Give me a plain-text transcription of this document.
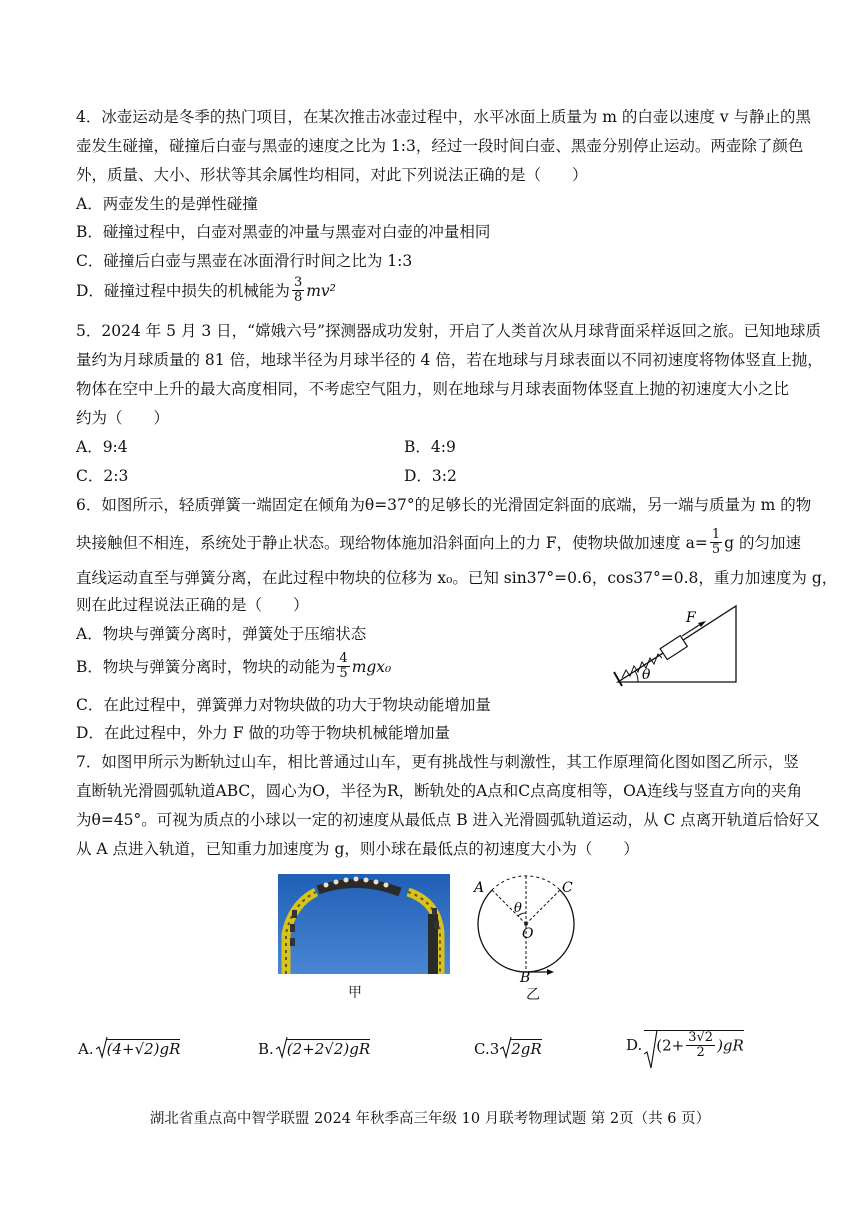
4．冰壶运动是冬季的热门项目，在某次推击冰壶过程中，水平冰面上质量为 m 的白壶以速度 v 与静止的黑
壶发生碰撞，碰撞后白壶与黑壶的速度之比为 1:3，经过一段时间白壶、黑壶分别停止运动。两壶除了颜色
外，质量、大小、形状等其余属性均相同，对此下列说法正确的是（　　）
A．两壶发生的是弹性碰撞
B．碰撞过程中，白壶对黑壶的冲量与黑壶对白壶的冲量相同
C．碰撞后白壶与黑壶在冰面滑行时间之比为 1:3
D．碰撞过程中损失的机械能为 $\frac{3}{8} mv^2$
5．2024 年 5 月 3 日，“嫦娥六号”探测器成功发射，开启了人类首次从月球背面采样返回之旅。已知地球质
量约为月球质量的 81 倍，地球半径为月球半径的 4 倍，若在地球与月球表面以不同初速度将物体竖直上抛，
物体在空中上升的最大高度相同，不考虑空气阻力，则在地球与月球表面物体竖直上抛的初速度大小之比
约为（　　）
A．9:4	B．4:9
C．2:3	D．3:2
6．如图所示，轻质弹簧一端固定在倾角为θ=37°的足够长的光滑固定斜面的底端，另一端与质量为 m 的物
块接触但不相连，系统处于静止状态。现给物体施加沿斜面向上的力 F，使物块做加速度 $a= \frac{1}{5}$ g 的匀加速
直线运动直至与弹簧分离，在此过程中物块的位移为 x₀。已知 sin37°=0.6，cos37°=0.8，重力加速度为 g，
则在此过程说法正确的是（　　）
A．物块与弹簧分离时，弹簧处于压缩状态
B．物块与弹簧分离时，物块的动能为 $\frac{4}{5} mgx_0$
C．在此过程中，弹簧弹力对物块做的功大于物块动能增加量
D．在此过程中，外力 F 做的功等于物块机械能增加量
F
θ
7．如图甲所示为断轨过山车，相比普通过山车，更有挑战性与刺激性，其工作原理简化图如图乙所示，竖
直断轨光滑圆弧轨道ABC，圆心为O，半径为R，断轨处的A点和C点高度相等，OA连线与竖直方向的夹角
为θ=45°。可视为质点的小球以一定的初速度从最低点 B 进入光滑圆弧轨道运动，从 C 点离开轨道后恰好又
从 A 点进入轨道，已知重力加速度为 g，则小球在最低点的初速度大小为（　　）
甲
A	C
θ
O
B
乙
A. (4+√2)gR	B. (2+2√2)gR	C.3 2gR	D. $(2+ \frac{3√2}{2} )gR$
湖北省重点高中智学联盟 2024 年秋季高三年级 10 月联考物理试题 第 2页（共 6 页）
